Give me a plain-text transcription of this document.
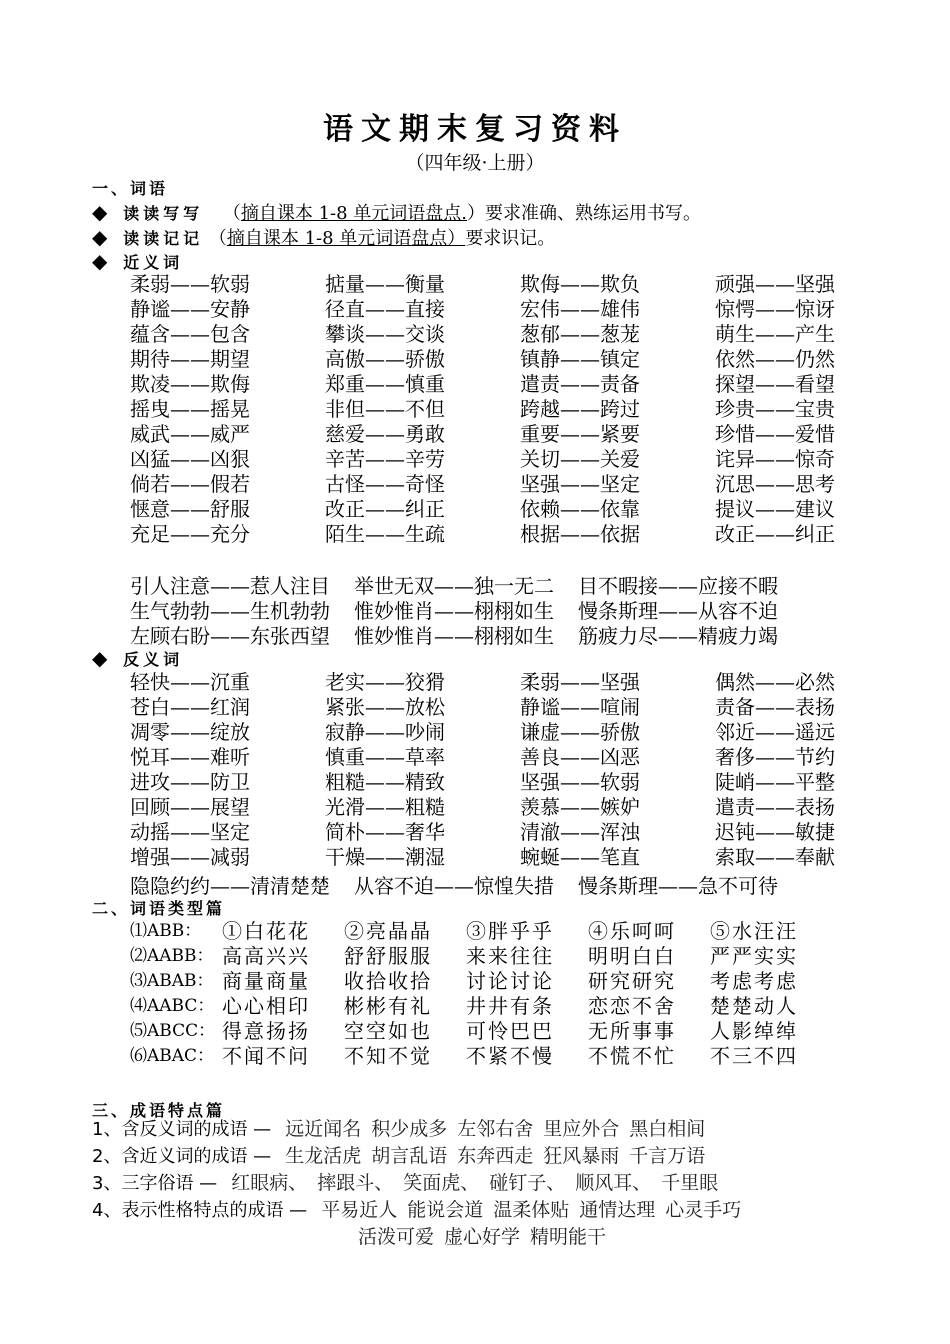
语文期末复习资料
（四年级·上册）
一、词语
◆ 读读写写 （摘自课本 1-8 单元词语盘点.）要求准确、熟练运用书写。
◆ 读读记记 （摘自课本 1-8 单元词语盘点）要求识记。
◆ 近义词
柔弱——软弱	掂量——衡量	欺侮——欺负	顽强——坚强
静谧——安静	径直——直接	宏伟——雄伟	惊愕——惊讶
蕴含——包含	攀谈——交谈	葱郁——葱茏	萌生——产生
期待——期望	高傲——骄傲	镇静——镇定	依然——仍然
欺凌——欺侮	郑重——慎重	遣责——责备	探望——看望
摇曳——摇晃	非但——不但	跨越——跨过	珍贵——宝贵
威武——威严	慈爱——勇敢	重要——紧要	珍惜——爱惜
凶猛——凶狠	辛苦——辛劳	关切——关爱	诧异——惊奇
倘若——假若	古怪——奇怪	坚强——坚定	沉思——思考
惬意——舒服	改正——纠正	依赖——依靠	提议——建议
充足——充分	陌生——生疏	根据——依据	改正——纠正
引人注意——惹人注目 举世无双——独一无二 目不暇接——应接不暇
生气勃勃——生机勃勃 惟妙惟肖——栩栩如生 慢条斯理——从容不迫
左顾右盼——东张西望 惟妙惟肖——栩栩如生 筋疲力尽——精疲力竭
◆ 反义词
轻快——沉重	老实——狡猾	柔弱——坚强	偶然——必然
苍白——红润	紧张——放松	静谧——喧闹	责备——表扬
凋零——绽放	寂静——吵闹	谦虚——骄傲	邻近——遥远
悦耳——难听	慎重——草率	善良——凶恶	奢侈——节约
进攻——防卫	粗糙——精致	坚强——软弱	陡峭——平整
回顾——展望	光滑——粗糙	羡慕——嫉妒	遣责——表扬
动摇——坚定	简朴——奢华	清澈——浑浊	迟钝——敏捷
增强——减弱	干燥——潮湿	蜿蜒——笔直	索取——奉献
隐隐约约——清清楚楚 从容不迫——惊惶失措 慢条斯理——急不可待
二、词语类型篇
⑴ABB：	①白花花 ②亮晶晶 ③胖乎乎 ④乐呵呵 ⑤水汪汪
⑵AABB： 高高兴兴 舒舒服服 来来往往 明明白白 严严实实
⑶ABAB： 商量商量 收拾收拾 讨论讨论 研究研究 考虑考虑
⑷AABC： 心心相印 彬彬有礼 井井有条 恋恋不舍 楚楚动人
⑸ABCC： 得意扬扬 空空如也 可怜巴巴 无所事事 人影绰绰
⑹ABAC： 不闻不问 不知不觉 不紧不慢 不慌不忙 不三不四
三、成语特点篇
1、含反义词的成语 — 远近闻名 积少成多 左邻右舍 里应外合 黑白相间
2、含近义词的成语 — 生龙活虎 胡言乱语 东奔西走 狂风暴雨 千言万语
3、三字俗语 — 红眼病、 摔跟斗、 笑面虎、 碰钉子、 顺风耳、 千里眼
4、表示性格特点的成语 — 平易近人 能说会道 温柔体贴 通情达理 心灵手巧
活泼可爱 虚心好学 精明能干
